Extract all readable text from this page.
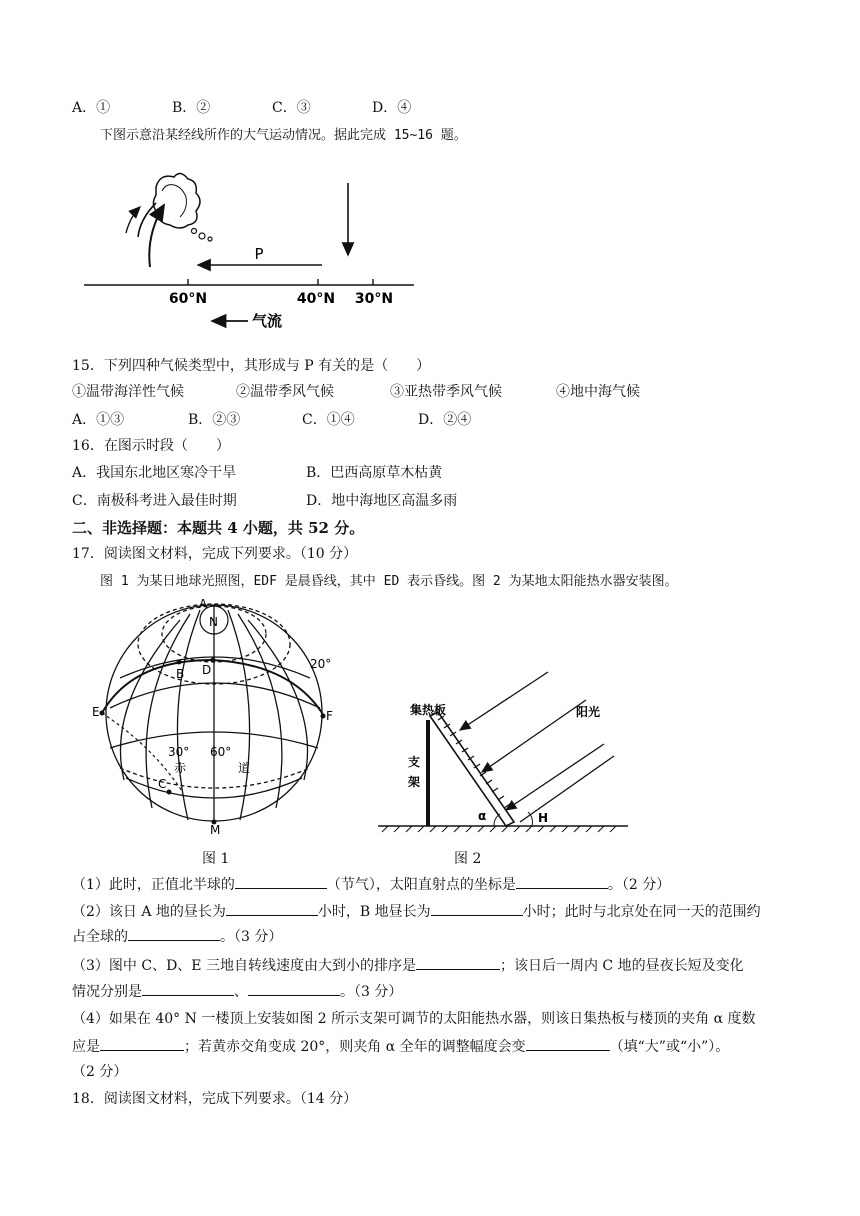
A．①	B．②	C．③	D．④
下图示意沿某经线所作的大气运动情况。据此完成 15~16 题。
P
60°N	40°N 30°N
气流
15．下列四种气候类型中，其形成与 P 有关的是（　　）
①温带海洋性气候	②温带季风气候	③亚热带季风气候	④地中海气候
A．①③	B．②③	C．①④	D．②④
16．在图示时段（　　）
A．我国东北地区寒冷干旱	B．巴西高原草木枯黄
C．南极科考进入最佳时期	D．地中海地区高温多雨
二、非选择题：本题共 4 小题，共 52 分。
17．阅读图文材料，完成下列要求。（10 分）
图 1 为某日地球光照图，EDF 是晨昏线，其中 ED 表示昏线。图 2 为某地太阳能热水器安装图。
A
N
B D
E	F
C
M
20°
30° 60°
赤	道
集热板	阳光
支
架
α	H
图 1	图 2
（1）此时，正值北半球的	（节气），太阳直射点的坐标是	。（2 分）
（2）该日 A 地的昼长为	小时，B 地昼长为	小时；此时与北京处在同一天的范围约
占全球的	。（3 分）
（3）图中 C、D、E 三地自转线速度由大到小的排序是	；该日后一周内 C 地的昼夜长短及变化
情况分别是	、	。（3 分）
（4）如果在 40° N 一楼顶上安装如图 2 所示支架可调节的太阳能热水器，则该日集热板与楼顶的夹角 α 度数
应是	；若黄赤交角变成 20°，则夹角 α 全年的调整幅度会变	（填“大”或“小”）。
（2 分）
18．阅读图文材料，完成下列要求。（14 分）
